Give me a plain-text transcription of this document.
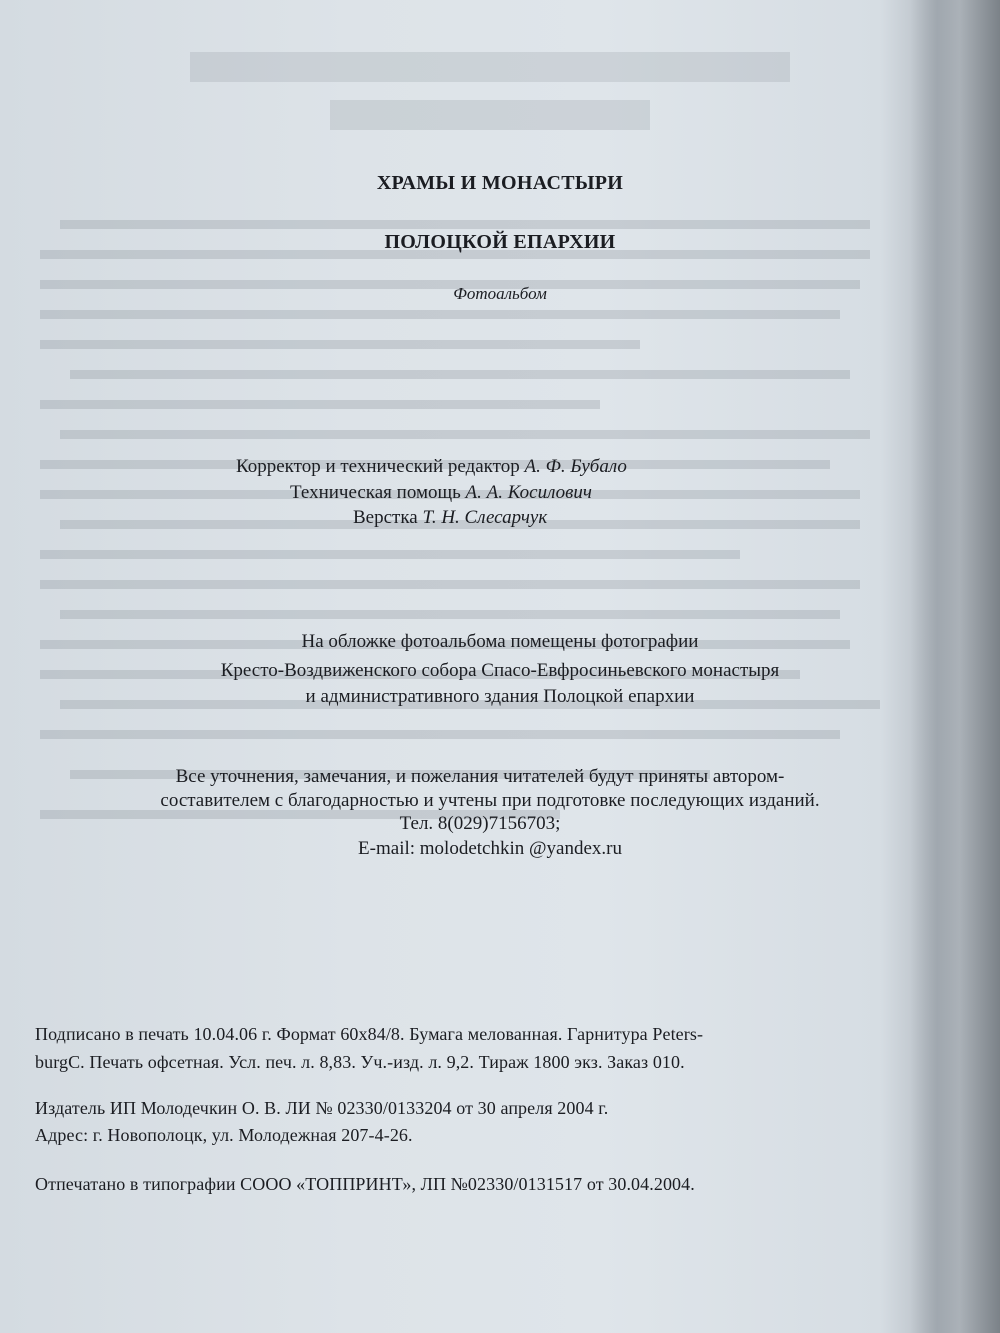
ХРАМЫ И МОНАСТЫРИ
ПОЛОЦКОЙ ЕПАРХИИ
Фотоальбом
Корректор и технический редактор А. Ф. Бубало
Техническая помощь А. А. Косилович
Верстка Т. Н. Слесарчук
На обложке фотоальбома помещены фотографии
Кресто-Воздвиженского собора Спасо-Евфросиньевского монастыря
и административного здания Полоцкой епархии
Все уточнения, замечания, и пожелания читателей будут приняты автором-
составителем с благодарностью и учтены при подготовке последующих изданий.
Тел. 8(029)7156703;
E-mail: molodetchkin @yandex.ru
Подписано в печать 10.04.06 г. Формат 60х84/8. Бумага мелованная. Гарнитура Peters-
burgC. Печать офсетная. Усл. печ. л. 8,83. Уч.-изд. л. 9,2. Тираж 1800 экз. Заказ 010.
Издатель ИП Молодечкин О. В. ЛИ № 02330/0133204 от 30 апреля 2004 г.
Адрес: г. Новополоцк, ул. Молодежная 207-4-26.
Отпечатано в типографии СООО «ТОППРИНТ», ЛП №02330/0131517 от 30.04.2004.
